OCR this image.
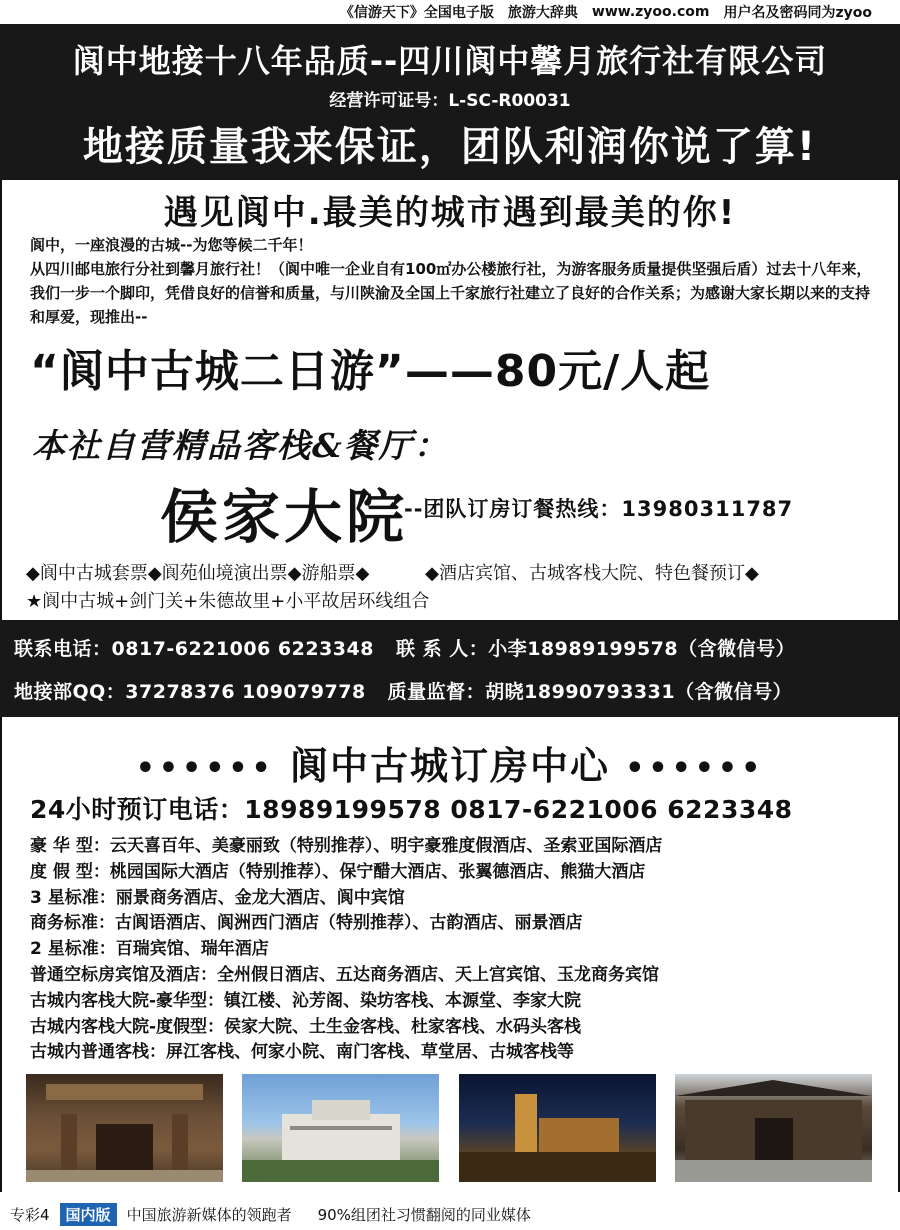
《信游天下》全国电子版 旅游大辞典 www.zyoo.com 用户名及密码同为zyoo
阆中地接十八年品质--四川阆中馨月旅行社有限公司
经营许可证号：L-SC-R00031
地接质量我来保证，团队利润你说了算!
遇见阆中.最美的城市遇到最美的你!
阆中，一座浪漫的古城--为您等候二千年！
从四川邮电旅行分社到馨月旅行社！（阆中唯一企业自有100㎡办公楼旅行社，为游客服务质量提供坚强后盾）过去十八年来，我们一步一个脚印，凭借良好的信誉和质量，与川陕渝及全国上千家旅行社建立了良好的合作关系；为感谢大家长期以来的支持和厚爱，现推出--
“阆中古城二日游”——80元/人起
本社自营精品客栈&餐厅：
侯家大院
--团队订房订餐热线：13980311787
◆阆中古城套票◆阆苑仙境演出票◆游船票◆	◆酒店宾馆、古城客栈大院、特色餐预订◆
★阆中古城+剑门关+朱德故里+小平故居环线组合
联系电话：0817-6221006 6223348 联 系 人：小李18989199578（含微信号）
地接部QQ：37278376 109079778 质量监督：胡晓18990793331（含微信号）
•••••• 阆中古城订房中心 ••••••
24小时预订电话：18989199578 0817-6221006 6223348
豪 华 型：云天喜百年、美豪丽致（特别推荐）、明宇豪雅度假酒店、圣索亚国际酒店
度 假 型：桃园国际大酒店（特别推荐）、保宁醋大酒店、张翼德酒店、熊猫大酒店
3 星标准：丽景商务酒店、金龙大酒店、阆中宾馆
商务标准：古阆语酒店、阆洲西门酒店（特别推荐）、古韵酒店、丽景酒店
2 星标准：百瑞宾馆、瑞年酒店
普通空标房宾馆及酒店：全州假日酒店、五达商务酒店、天上宫宾馆、玉龙商务宾馆
古城内客栈大院-豪华型：镇江楼、沁芳阁、染坊客栈、本源堂、李家大院
古城内客栈大院-度假型：侯家大院、土生金客栈、杜家客栈、水码头客栈
古城内普通客栈：屏江客栈、何家小院、南门客栈、草堂居、古城客栈等
专彩4	国内版	中国旅游新媒体的领跑者 90%组团社习惯翻阅的同业媒体
